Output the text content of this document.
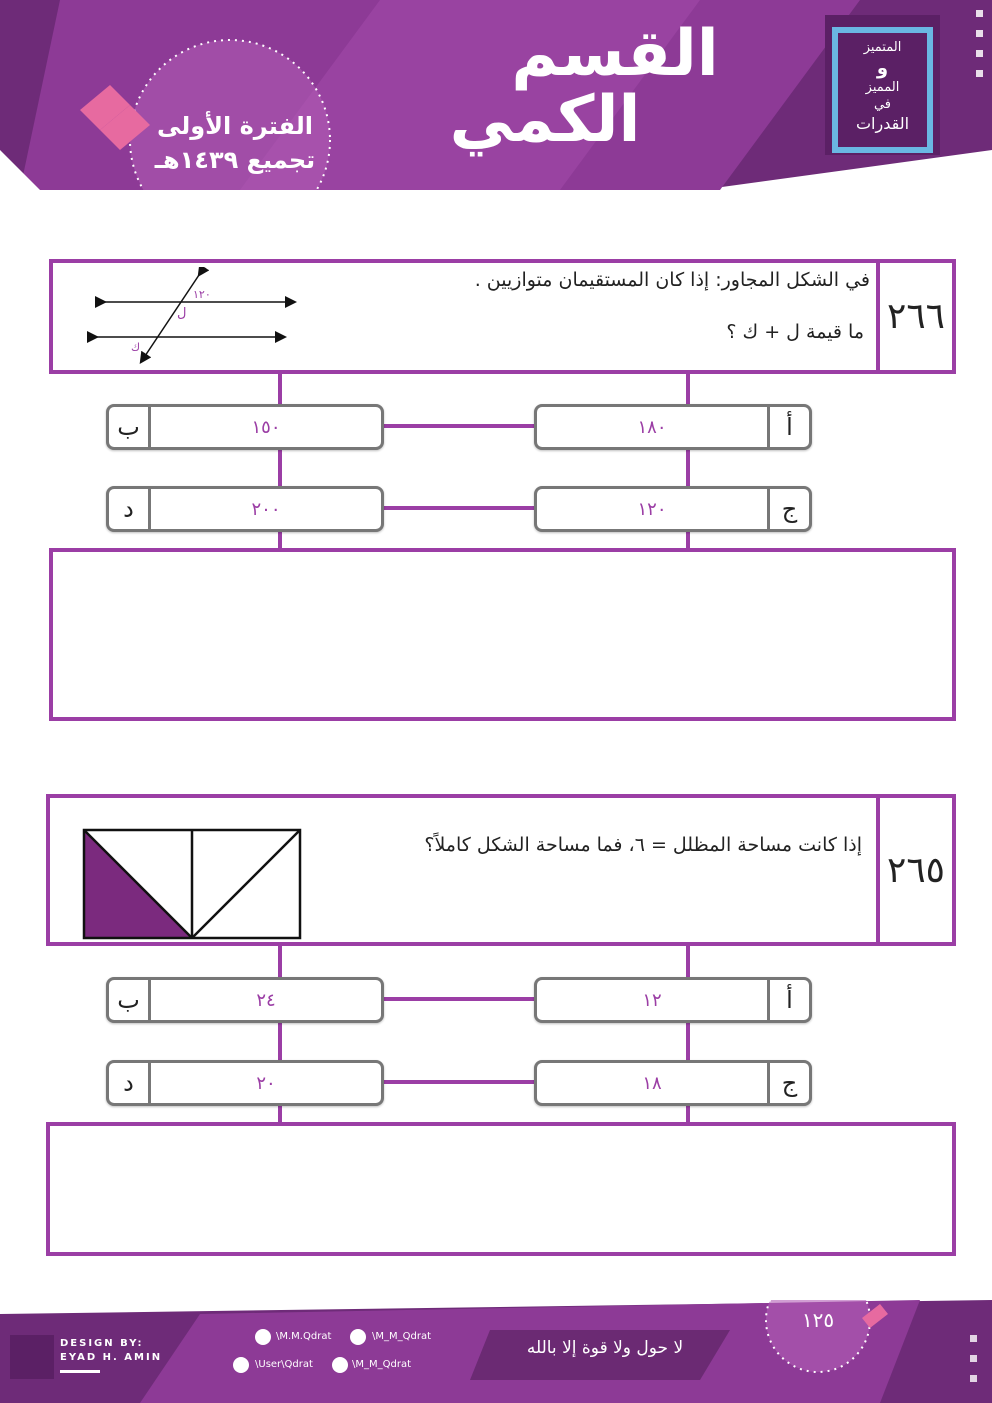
القسم
الكمي
الفترة الأولى
تجميع ١٤٣٩هـ
المتميز
و
المميز
في
القدرات
٢٦٦
في الشكل المجاور: إذا كان المستقيمان متوازيين .
ما قيمة ل + ك ؟
١٢٠
ل
ك
أ
١٨٠
ب	١٥٠
ج
١٢٠
د	٢٠٠
٢٦٥
إذا كانت مساحة المظلل = ٦، فما مساحة الشكل كاملاً؟
أ
١٢
ب	٢٤
ج
١٨
د	٢٠
DESIGN BY:
EYAD H. AMIN
\M.M.Qdrat	\M_M_Qdrat
\User\Qdrat	\M_M_Qdrat
لا حول ولا قوة إلا بالله
١٢٥
